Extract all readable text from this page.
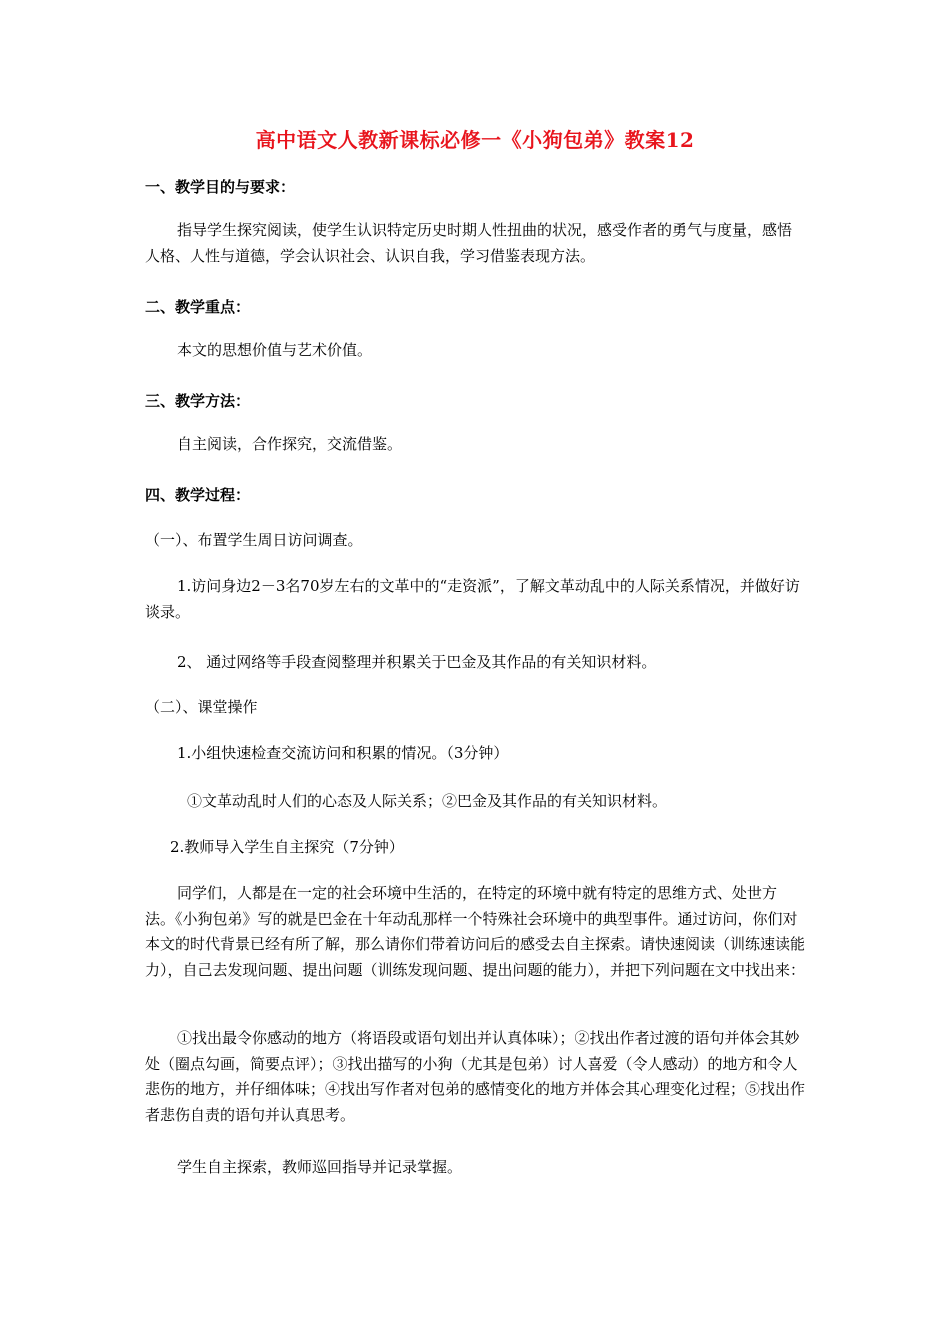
高中语文人教新课标必修一《小狗包弟》教案12
一、教学目的与要求：
指导学生探究阅读，使学生认识特定历史时期人性扭曲的状况，感受作者的勇气与度量，感悟人格、人性与道德，学会认识社会、认识自我，学习借鉴表现方法。
二、教学重点：
本文的思想价值与艺术价值。
三、教学方法：
自主阅读，合作探究，交流借鉴。
四、教学过程：
（一）、布置学生周日访问调查。
1.访问身边2－3名70岁左右的文革中的“走资派”，了解文革动乱中的人际关系情况，并做好访谈录。
2、 通过网络等手段查阅整理并积累关于巴金及其作品的有关知识材料。
（二）、课堂操作
1.小组快速检查交流访问和积累的情况。（3分钟）
①文革动乱时人们的心态及人际关系；②巴金及其作品的有关知识材料。
2.教师导入学生自主探究（7分钟）
同学们，人都是在一定的社会环境中生活的，在特定的环境中就有特定的思维方式、处世方法。《小狗包弟》写的就是巴金在十年动乱那样一个特殊社会环境中的典型事件。通过访问，你们对本文的时代背景已经有所了解，那么请你们带着访问后的感受去自主探索。请快速阅读（训练速读能力），自己去发现问题、提出问题（训练发现问题、提出问题的能力），并把下列问题在文中找出来：
①找出最令你感动的地方（将语段或语句划出并认真体味）；②找出作者过渡的语句并体会其妙处（圈点勾画，简要点评）；③找出描写的小狗（尤其是包弟）讨人喜爱（令人感动）的地方和令人悲伤的地方，并仔细体味；④找出写作者对包弟的感情变化的地方并体会其心理变化过程；⑤找出作者悲伤自责的语句并认真思考。
学生自主探索，教师巡回指导并记录掌握。
